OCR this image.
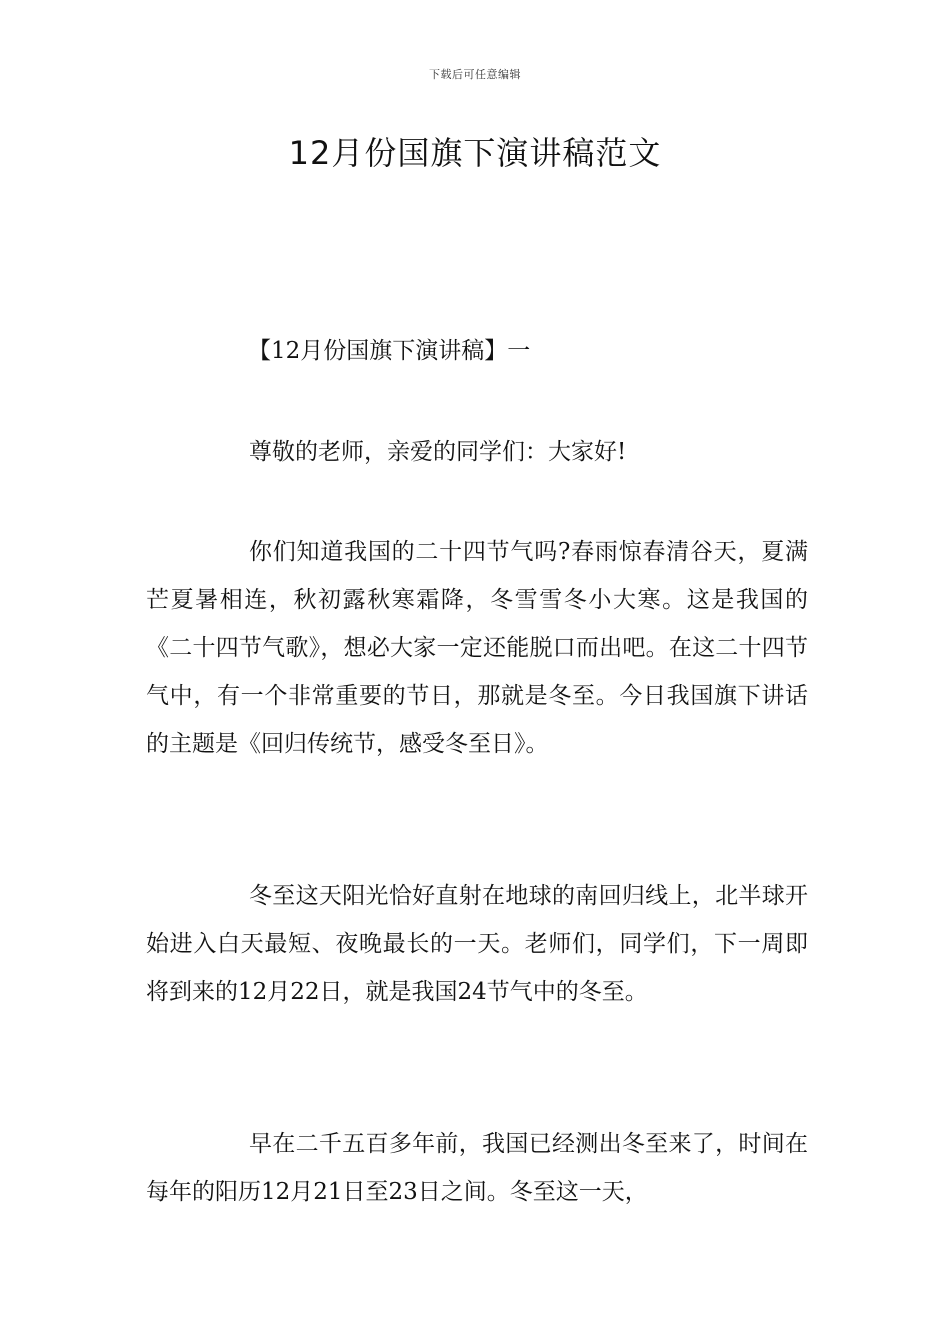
下载后可任意编辑
12月份国旗下演讲稿范文

【12月份国旗下演讲稿】一

尊敬的老师，亲爱的同学们：大家好!

你们知道我国的二十四节气吗?春雨惊春清谷天，夏满芒夏暑相连，秋初露秋寒霜降，冬雪雪冬小大寒。这是我国的《二十四节气歌》，想必大家一定还能脱口而出吧。在这二十四节气中，有一个非常重要的节日，那就是冬至。今日我国旗下讲话的主题是《回归传统节，感受冬至日》。

冬至这天阳光恰好直射在地球的南回归线上，北半球开始进入白天最短、夜晚最长的一天。老师们，同学们，下一周即将到来的12月22日，就是我国24节气中的冬至。

早在二千五百多年前，我国已经测出冬至来了，时间在每年的阳历12月21日至23日之间。冬至这一天，
